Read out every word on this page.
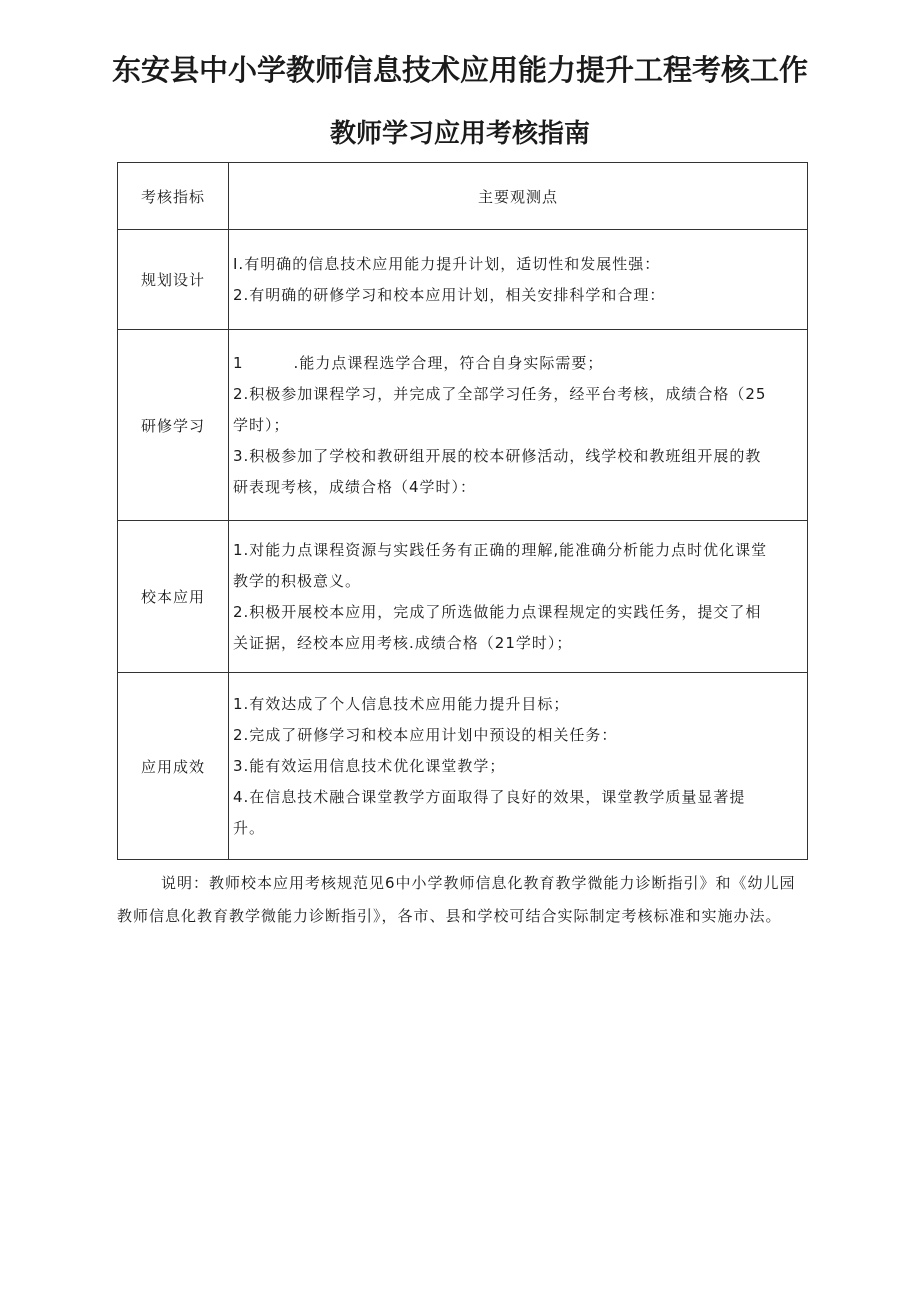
东安县中小学教师信息技术应用能力提升工程考核工作
教师学习应用考核指南
考核指标	主要观测点
规划设计	Ⅰ.有明确的信息技术应用能力提升计划，适切性和发展性强：
2.有明确的研修学习和校本应用计划，相关安排科学和合理：

研修学习	1 .能力点课程选学合理，符合自身实际需要；
2.积极参加课程学习，并完成了全部学习任务，经平台考核，成绩合格（25
学时）；
3.积极参加了学校和教研组开展的校本研修活动，线学校和教班组开展的教
研表现考核，成绩合格（4学时）：

校本应用	1.对能力点课程资源与实践任务有正确的理解,能准确分析能力点时优化课堂
教学的积极意义。
2.积极开展校本应用，完成了所选做能力点课程规定的实践任务，提交了相
关证据，经校本应用考核.成绩合格（21学时）；

应用成效	1.有效达成了个人信息技术应用能力提升目标；
2.完成了研修学习和校本应用计划中预设的相关任务：
3.能有效运用信息技术优化课堂教学；
4.在信息技术融合课堂教学方面取得了良好的效果，课堂教学质量显著提
升。
说明：教师校本应用考核规范见6中小学教师信息化教育教学微能力诊断指引》和《幼儿园教师信息化教育教学微能力诊断指引》，各市、县和学校可结合实际制定考核标准和实施办法。
